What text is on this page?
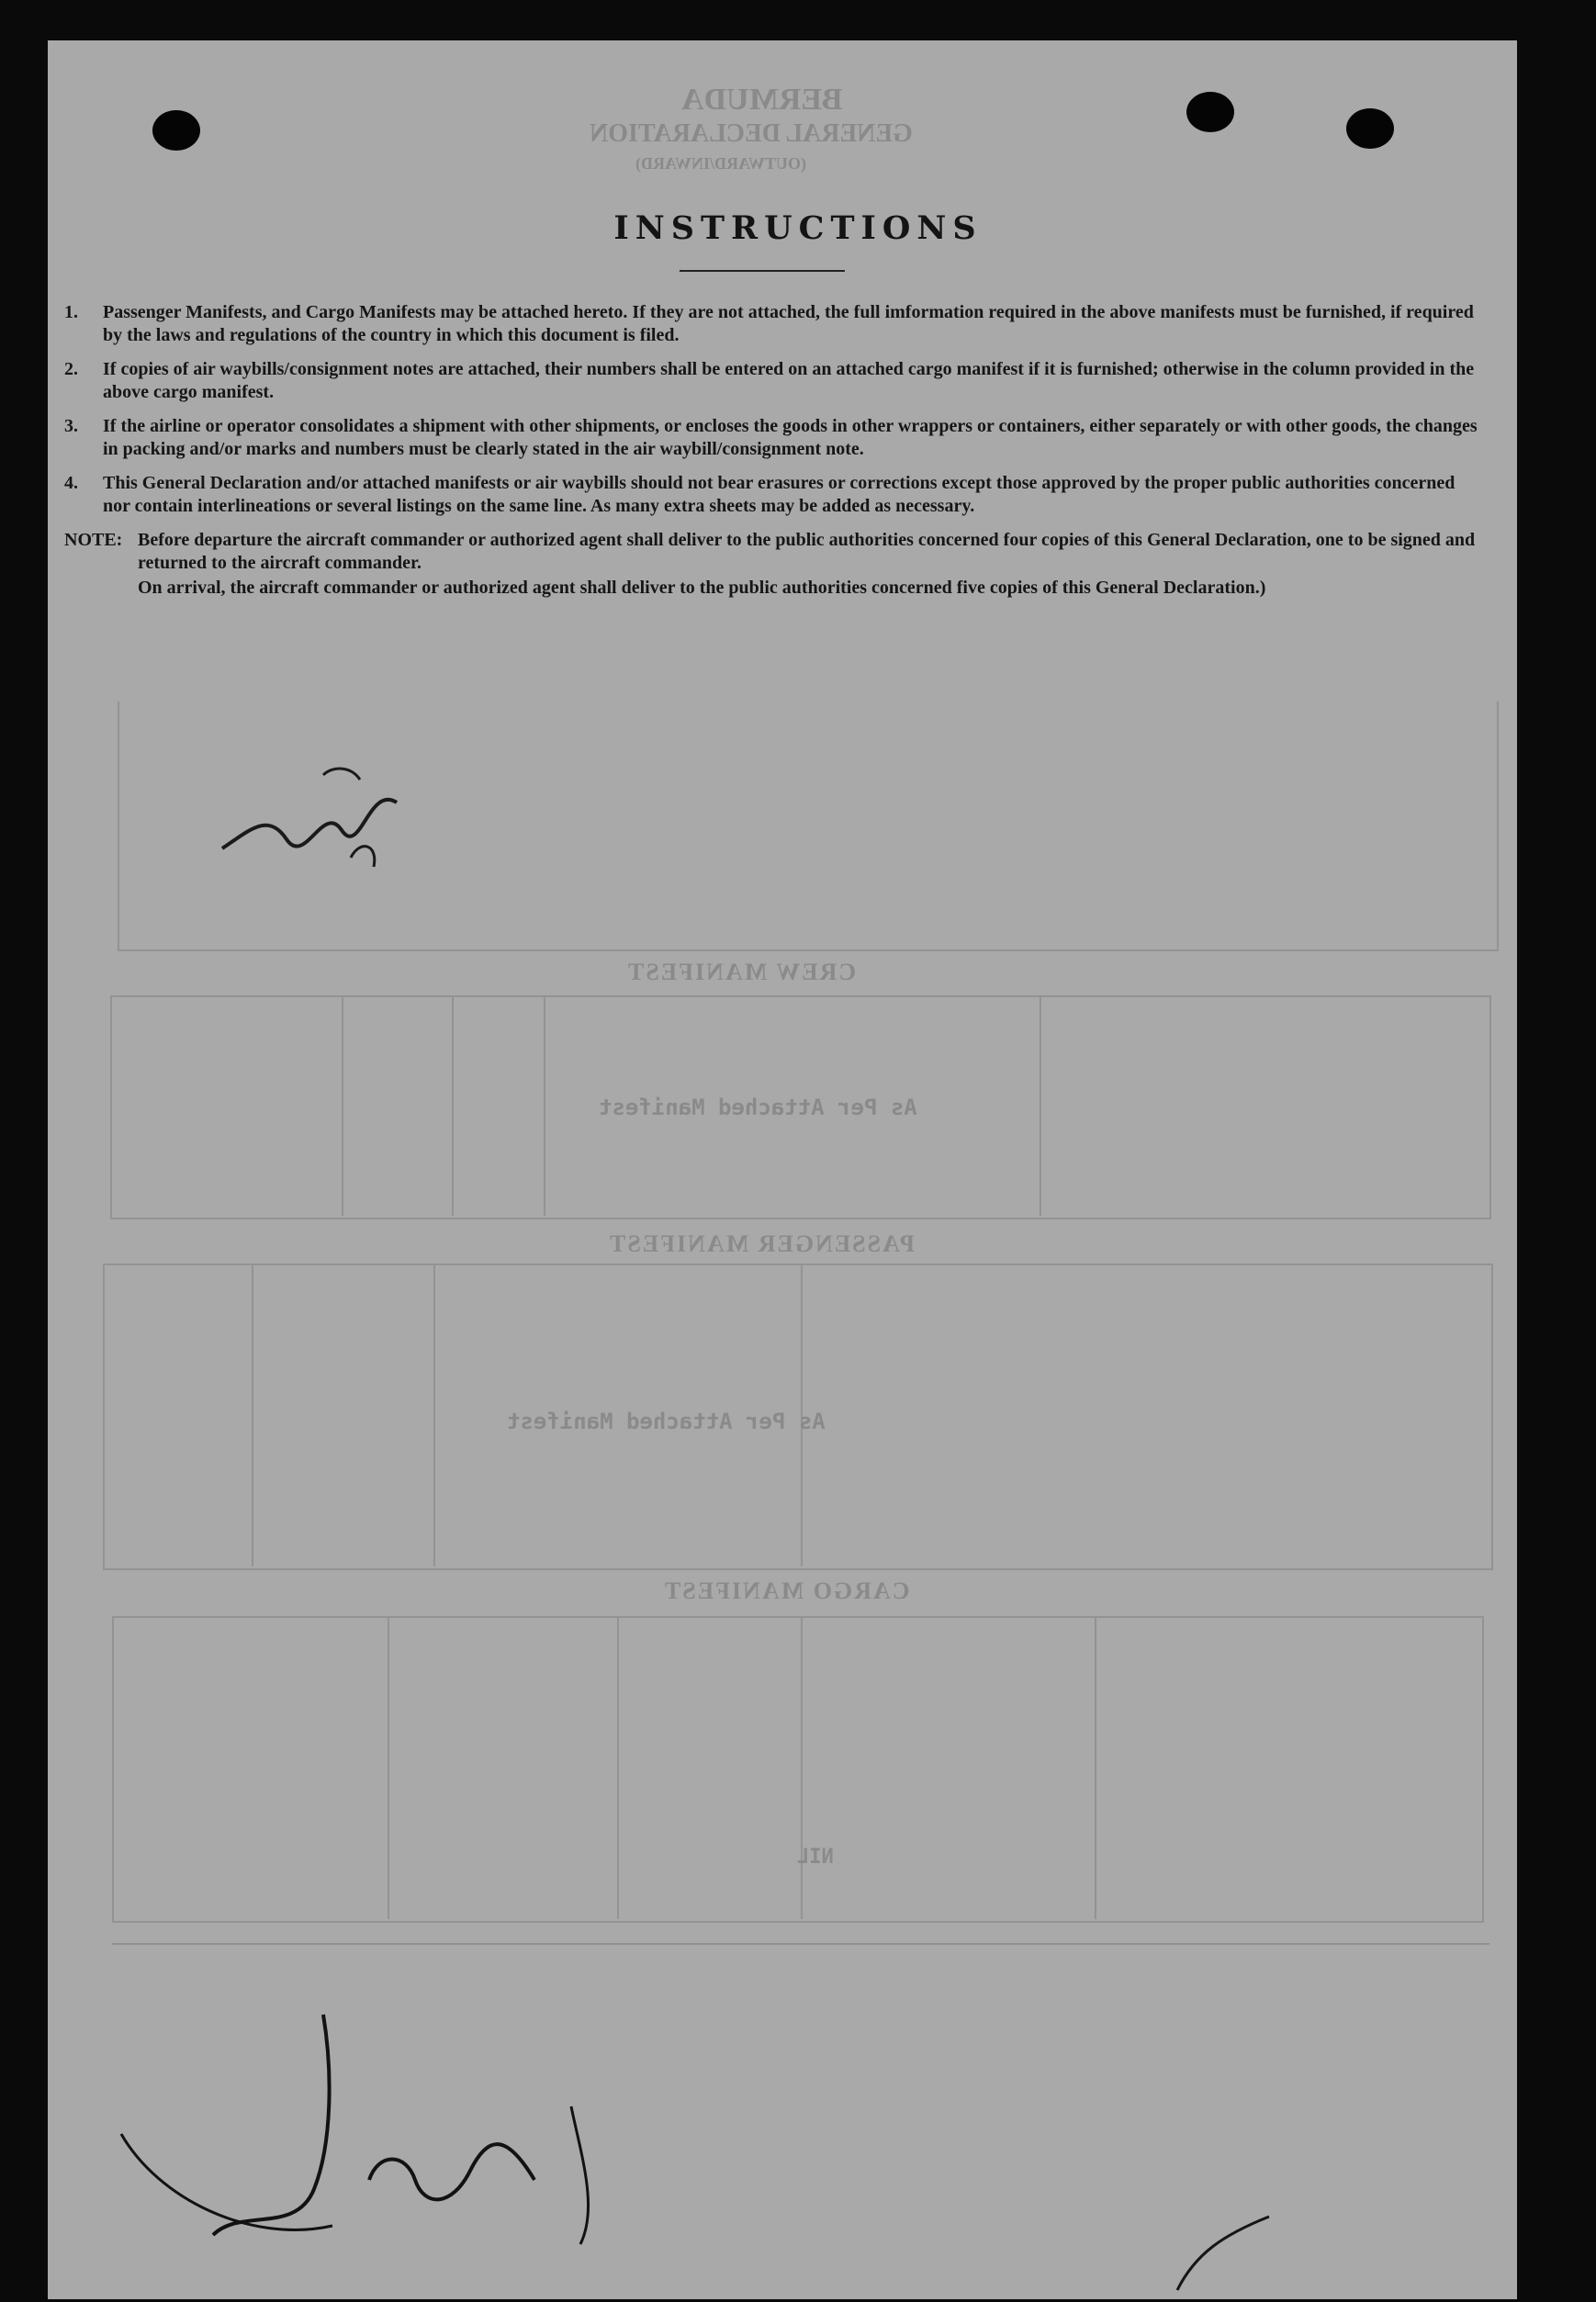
BERMUDA
GENERAL DECLARATION
(OUTWARD/INWARD)
CREW MANIFEST
As Per Attached Manifest
PASSENGER MANIFEST
As Per Attached Manifest
CARGO MANIFEST
NIL
INSTRUCTIONS
1.	Passenger Manifests, and Cargo Manifests may be attached hereto. If they are not attached, the full imformation required in the above manifests must be furnished, if required by the laws and regulations of the country in which this document is filed.
2.	If copies of air waybills/consignment notes are attached, their numbers shall be entered on an attached cargo manifest if it is furnished; otherwise in the column provided in the above cargo manifest.
3.	If the airline or operator consolidates a shipment with other shipments, or encloses the goods in other wrappers or containers, either separately or with other goods, the changes in packing and/or marks and numbers must be clearly stated in the air waybill/consignment note.
4.	This General Declaration and/or attached manifests or air waybills should not bear erasures or corrections except those approved by the proper public authorities concerned nor contain interlineations or several listings on the same line. As many extra sheets may be added as necessary.
NOTE: Before departure the aircraft commander or authorized agent shall deliver to the public authorities concerned four copies of this General Declaration, one to be signed and returned to the aircraft commander.

On arrival, the aircraft commander or authorized agent shall deliver to the public authorities concerned five copies of this General Declaration.)
